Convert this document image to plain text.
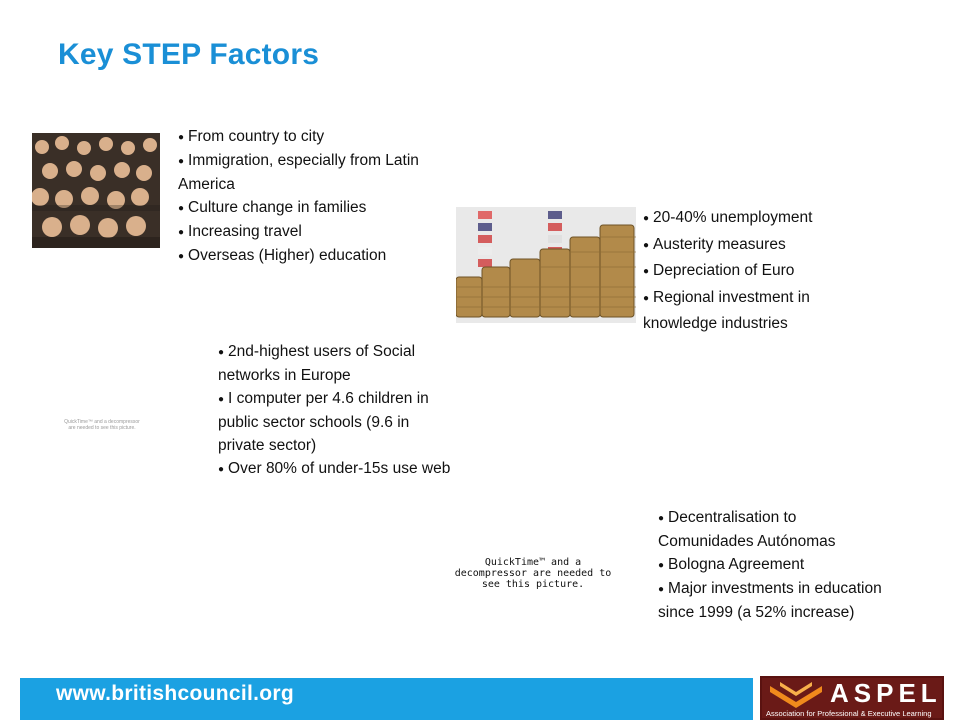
Key STEP Factors
● From country to city
● Immigration, especially from Latin America
● Culture change in families
● Increasing travel
● Overseas (Higher) education
● 20-40% unemployment
● Austerity measures
● Depreciation of Euro
● Regional investment in knowledge industries
● 2nd-highest users of Social networks in Europe
● I computer per 4.6 children in public sector schools (9.6 in private sector)
● Over 80% of under-15s use web
QuickTime™ and a decompressor are needed to see this picture.
QuickTime™ and a decompressor are needed to see this picture.
● Decentralisation to Comunidades Autónomas
● Bologna Agreement
● Major investments in education since 1999 (a 52% increase)
www.britishcouncil.org	ASPEL
Association for Professional & Executive Learning
